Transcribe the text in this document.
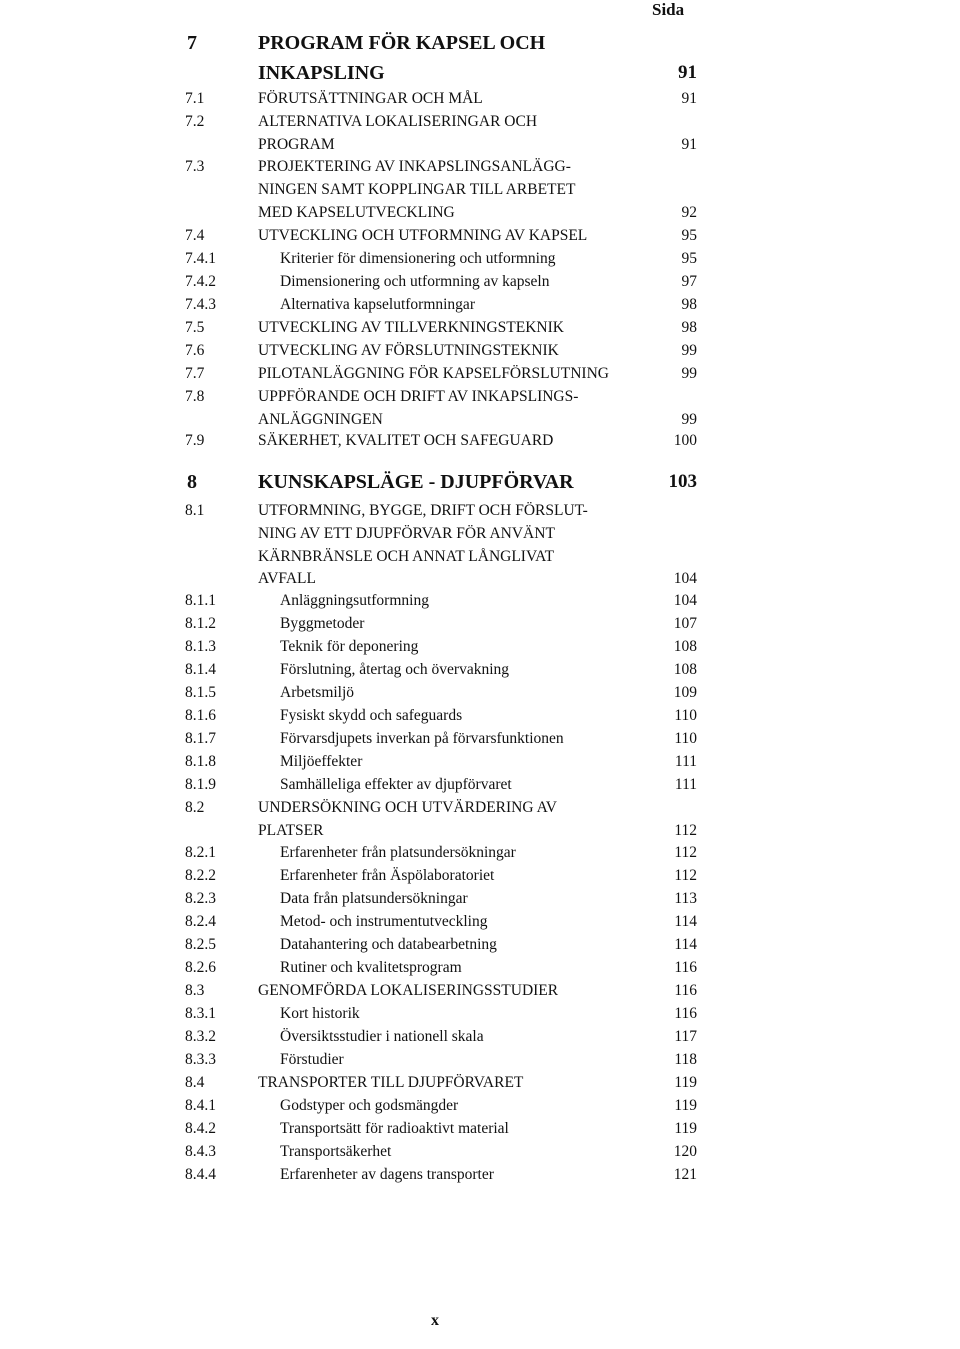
Sida
7	PROGRAM FÖR KAPSEL OCH
INKAPSLING	91
7.1	FÖRUTSÄTTNINGAR OCH MÅL	91
7.2	ALTERNATIVA LOKALISERINGAR OCH
PROGRAM	91
7.3	PROJEKTERING AV INKAPSLINGSANLÄGG-
NINGEN SAMT KOPPLINGAR TILL ARBETET
MED KAPSELUTVECKLING	92
7.4	UTVECKLING OCH UTFORMNING AV KAPSEL	95
7.4.1	Kriterier för dimensionering och utformning	95
7.4.2	Dimensionering och utformning av kapseln	97
7.4.3	Alternativa kapselutformningar	98
7.5	UTVECKLING AV TILLVERKNINGSTEKNIK	98
7.6	UTVECKLING AV FÖRSLUTNINGSTEKNIK	99
7.7	PILOTANLÄGGNING FÖR KAPSELFÖRSLUTNING	99
7.8	UPPFÖRANDE OCH DRIFT AV INKAPSLINGS-
ANLÄGGNINGEN	99
7.9	SÄKERHET, KVALITET OCH SAFEGUARD	100
8	KUNSKAPSLÄGE - DJUPFÖRVAR	103
8.1	UTFORMNING, BYGGE, DRIFT OCH FÖRSLUT-
NING AV ETT DJUPFÖRVAR FÖR ANVÄNT
KÄRNBRÄNSLE OCH ANNAT LÅNGLIVAT
AVFALL	104
8.1.1	Anläggningsutformning	104
8.1.2	Byggmetoder	107
8.1.3	Teknik för deponering	108
8.1.4	Förslutning, återtag och övervakning	108
8.1.5	Arbetsmiljö	109
8.1.6	Fysiskt skydd och safeguards	110
8.1.7	Förvarsdjupets inverkan på förvarsfunktionen	110
8.1.8	Miljöeffekter	111
8.1.9	Samhälleliga effekter av djupförvaret	111
8.2	UNDERSÖKNING OCH UTVÄRDERING AV
PLATSER	112
8.2.1	Erfarenheter från platsundersökningar	112
8.2.2	Erfarenheter från Äspölaboratoriet	112
8.2.3	Data från platsundersökningar	113
8.2.4	Metod- och instrumentutveckling	114
8.2.5	Datahantering och databearbetning	114
8.2.6	Rutiner och kvalitetsprogram	116
8.3	GENOMFÖRDA LOKALISERINGSSTUDIER	116
8.3.1	Kort historik	116
8.3.2	Översiktsstudier i nationell skala	117
8.3.3	Förstudier	118
8.4	TRANSPORTER TILL DJUPFÖRVARET	119
8.4.1	Godstyper och godsmängder	119
8.4.2	Transportsätt för radioaktivt material	119
8.4.3	Transportsäkerhet	120
8.4.4	Erfarenheter av dagens transporter	121
x
